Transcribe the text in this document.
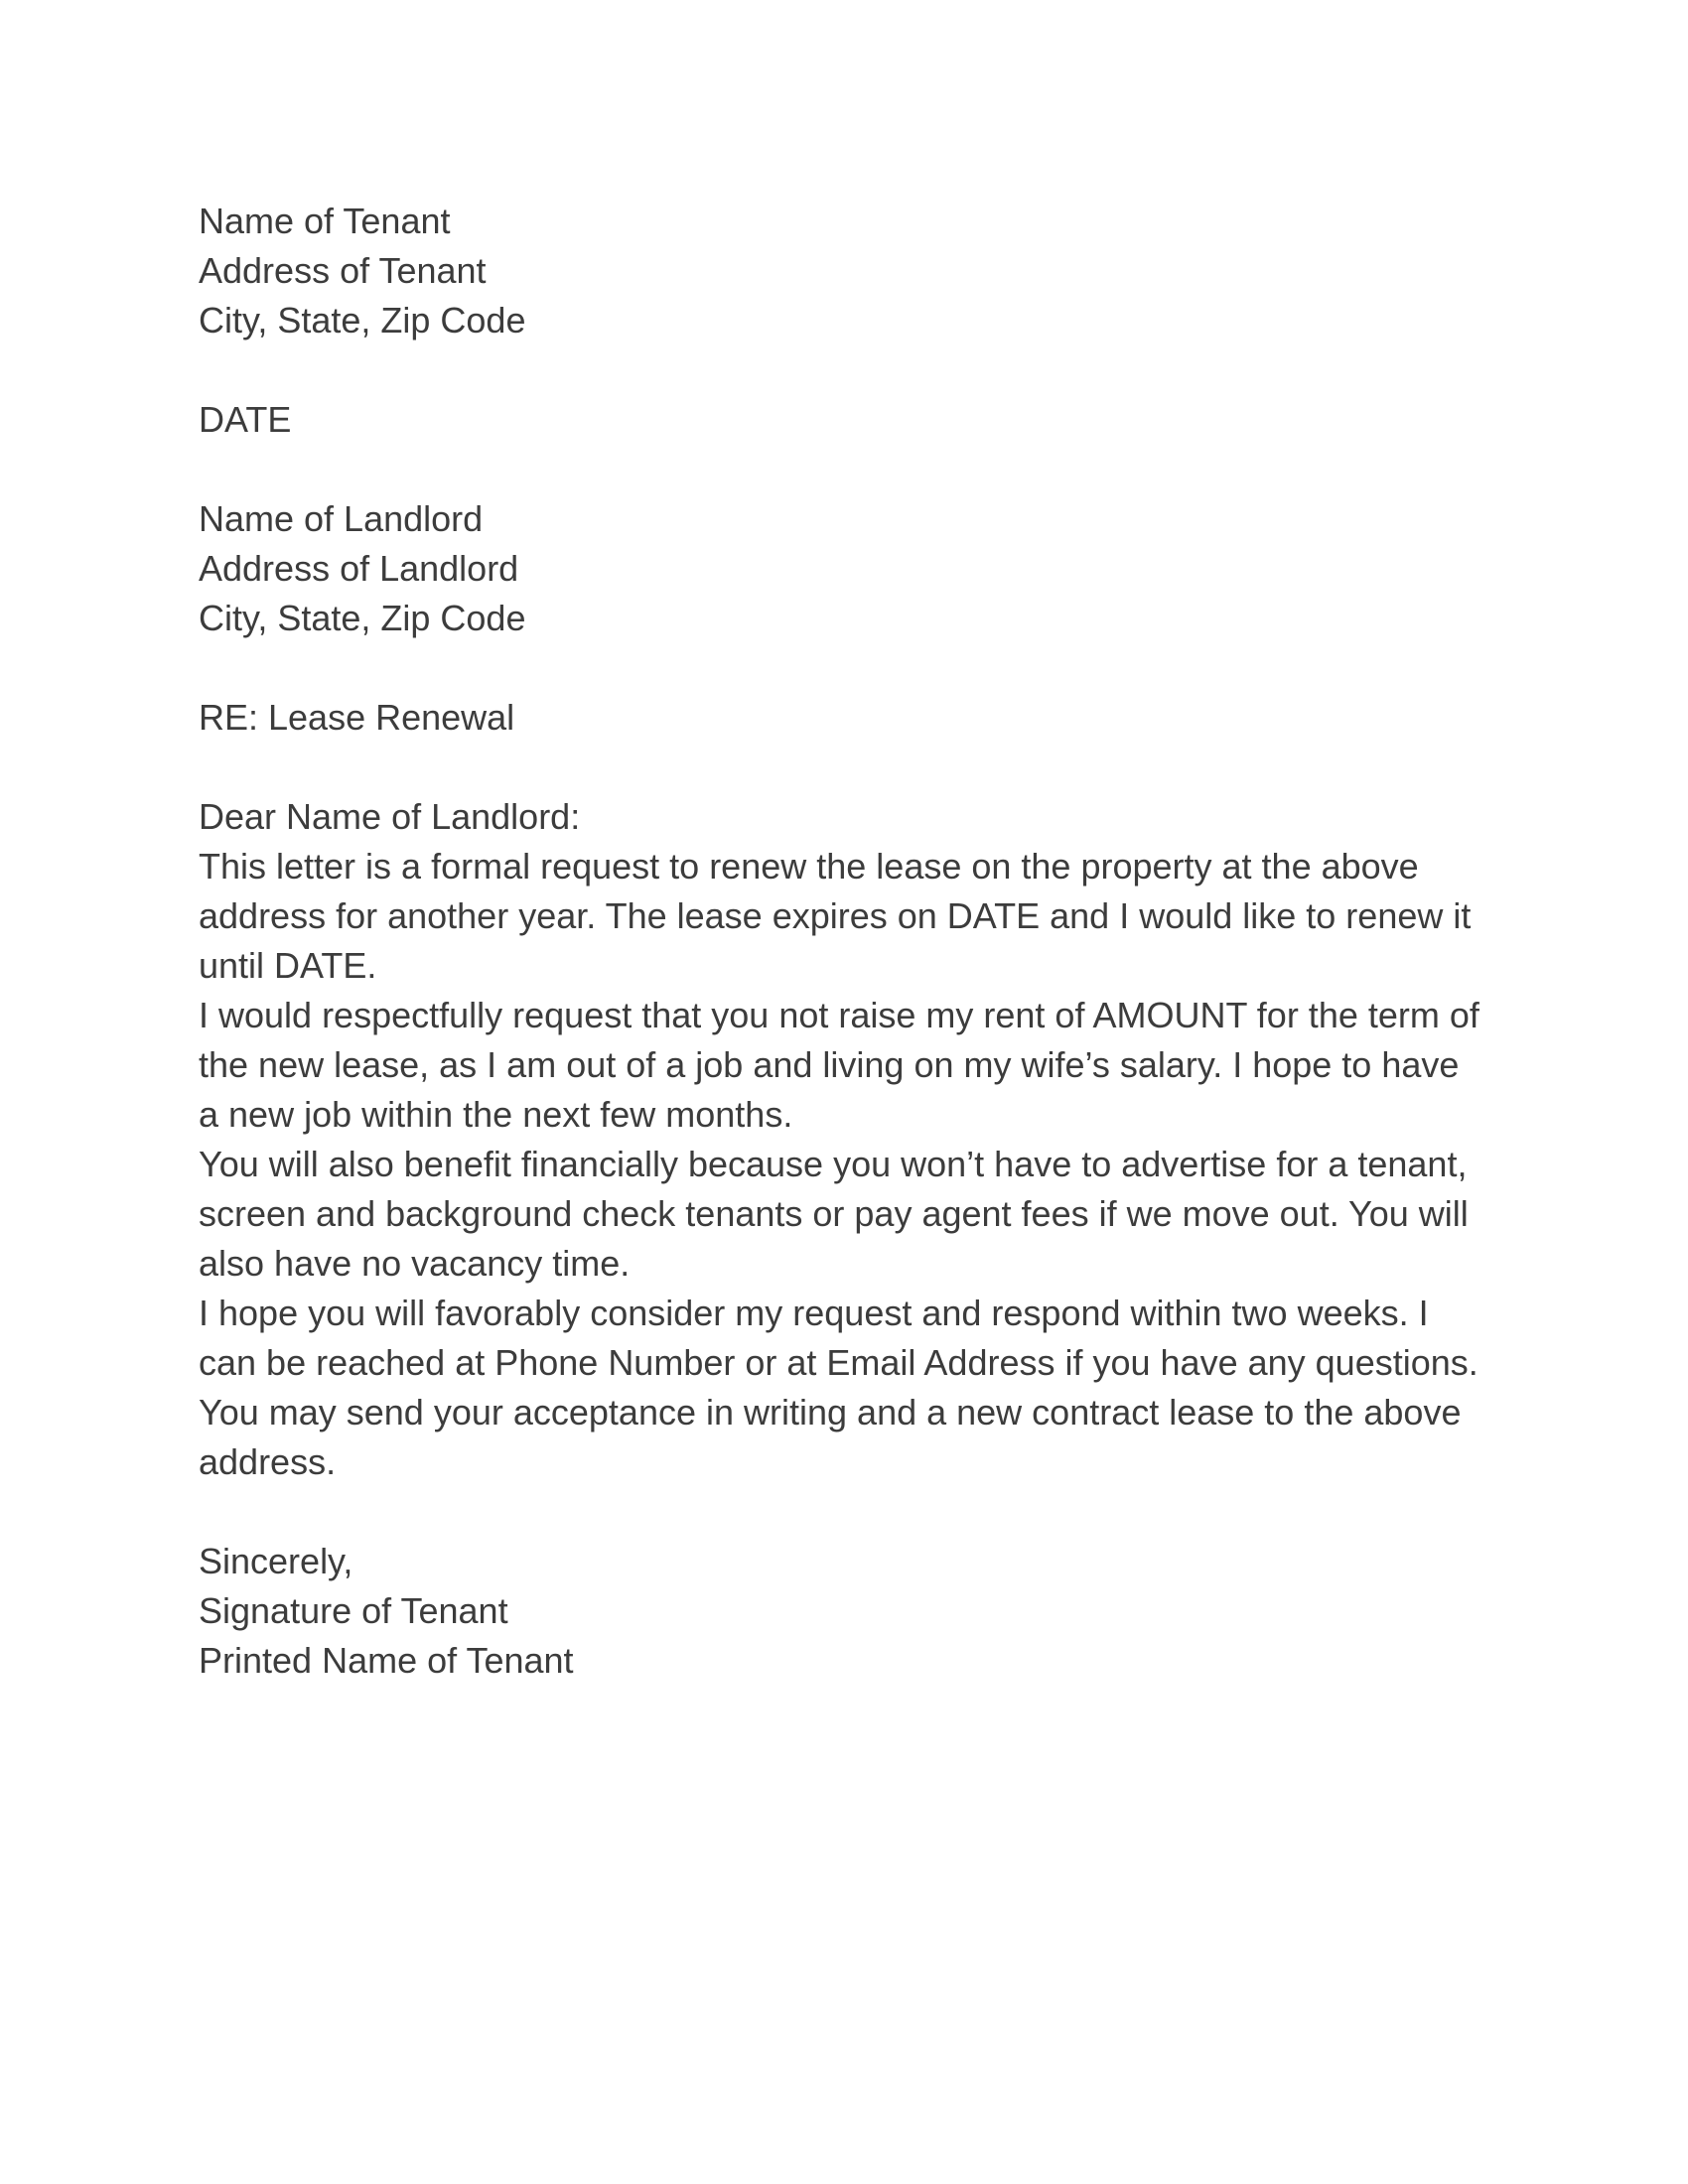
Name of Tenant
Address of Tenant
City, State, Zip Code
DATE
Name of Landlord
Address of Landlord
City, State, Zip Code
RE: Lease Renewal
Dear Name of Landlord:
This letter is a formal request to renew the lease on the property at the above
address for another year. The lease expires on DATE and I would like to renew it
until DATE.
I would respectfully request that you not raise my rent of AMOUNT for the term of
the new lease, as I am out of a job and living on my wife’s salary. I hope to have
a new job within the next few months.
You will also benefit financially because you won’t have to advertise for a tenant,
screen and background check tenants or pay agent fees if we move out. You will
also have no vacancy time.
I hope you will favorably consider my request and respond within two weeks. I
can be reached at Phone Number or at Email Address if you have any questions.
You may send your acceptance in writing and a new contract lease to the above
address.
Sincerely,
Signature of Tenant
Printed Name of Tenant
